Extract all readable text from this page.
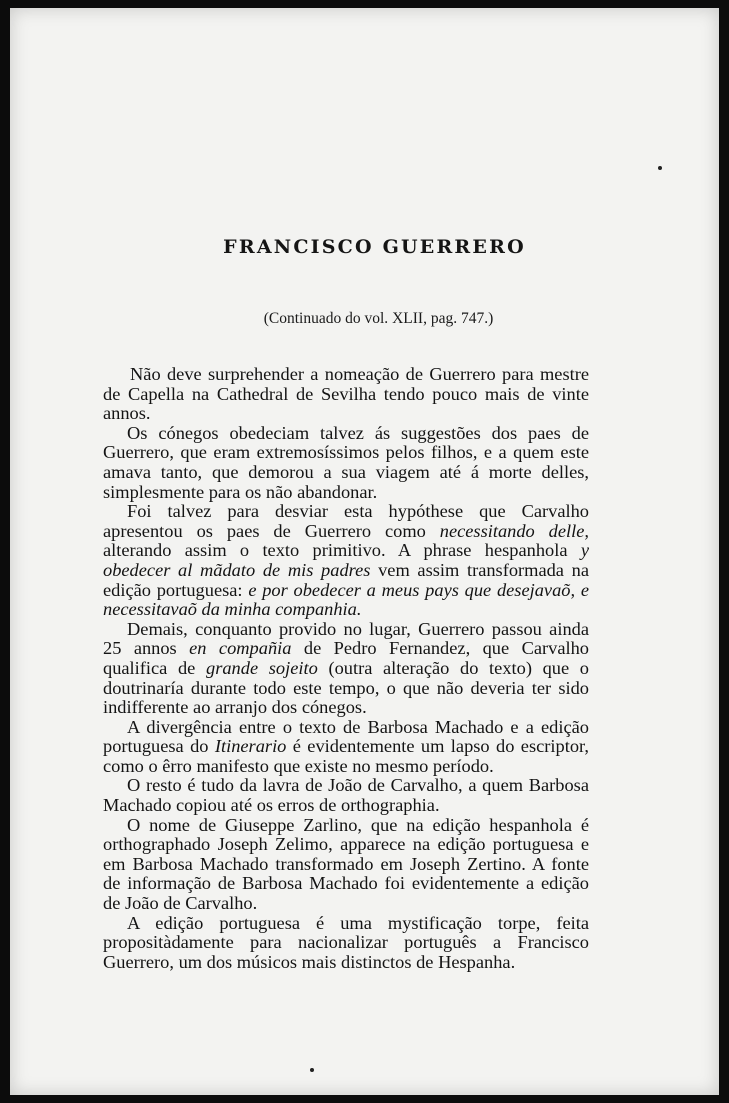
FRANCISCO GUERRERO
(Continuado do vol. XLII, pag. 747.)

Não deve surprehender a nomeação de Guerrero para mestre de Capella na Cathedral de Sevilha tendo pouco mais de vinte annos.

Os cónegos obedeciam talvez ás suggestões dos paes de Guerrero, que eram extremosíssimos pelos filhos, e a quem este amava tanto, que demorou a sua viagem até á morte delles, simplesmente para os não abandonar.

Foi talvez para desviar esta hypóthese que Carvalho apresentou os paes de Guerrero como necessitando delle, alterando assim o texto primitivo. A phrase hespanhola y obedecer al mãdato de mis padres vem assim transformada na edição portuguesa: e por obedecer a meus pays que desejavaõ, e necessitavaõ da minha companhia.

Demais, conquanto provido no lugar, Guerrero passou ainda 25 annos en compañia de Pedro Fernandez, que Carvalho qualifica de grande sojeito (outra alteração do texto) que o doutrinaría durante todo este tempo, o que não deveria ter sido indifferente ao arranjo dos cónegos.

A divergência entre o texto de Barbosa Machado e a edição portuguesa do Itinerario é evidentemente um lapso do escriptor, como o êrro manifesto que existe no mesmo período.

O resto é tudo da lavra de João de Carvalho, a quem Barbosa Machado copiou até os erros de orthographia.

O nome de Giuseppe Zarlino, que na edição hespanhola é orthographado Joseph Zelimo, apparece na edição portuguesa e em Barbosa Machado transformado em Joseph Zertino. A fonte de informação de Barbosa Machado foi evidentemente a edição de João de Carvalho.

A edição portuguesa é uma mystificação torpe, feita propositàdamente para nacionalizar português a Francisco Guerrero, um dos músicos mais distinctos de Hespanha.
